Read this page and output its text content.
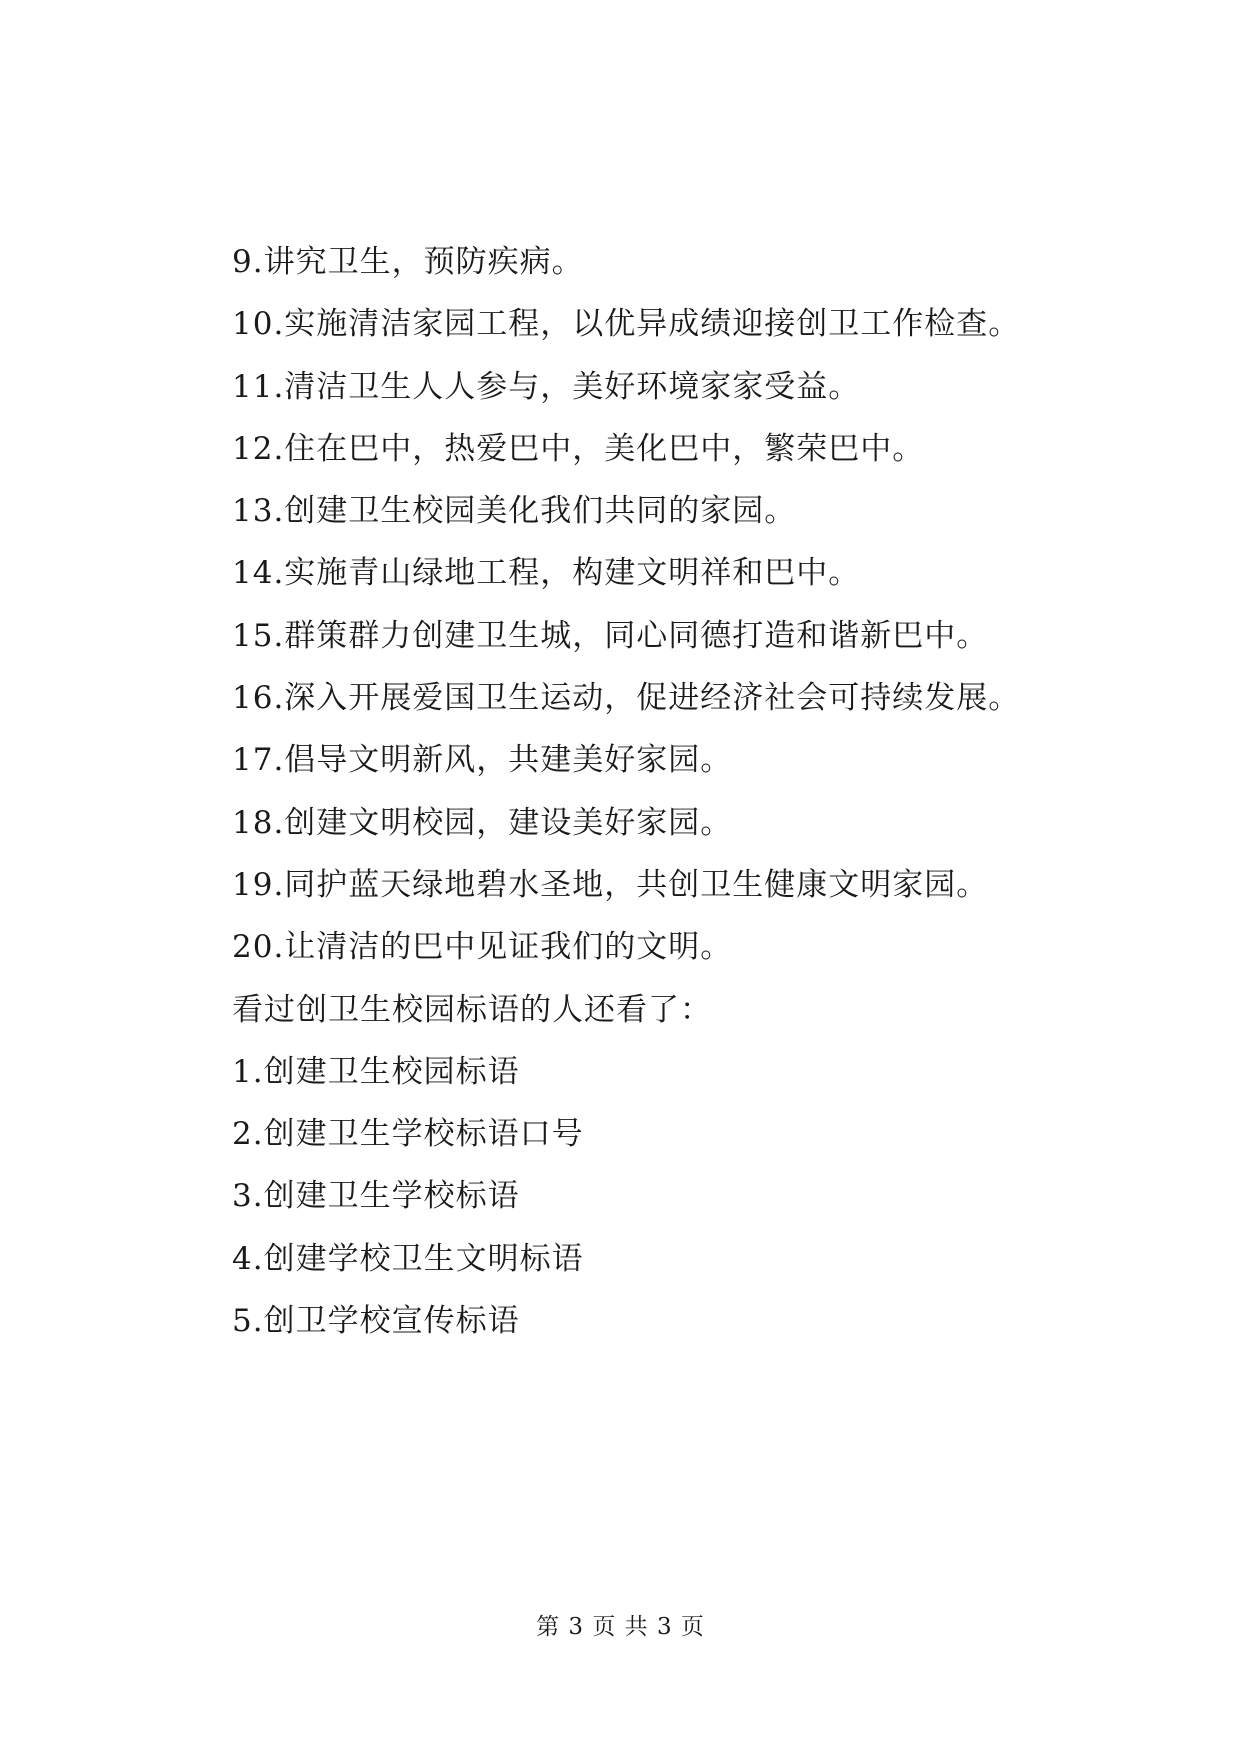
9.讲究卫生，预防疾病。
10.实施清洁家园工程，以优异成绩迎接创卫工作检查。
11.清洁卫生人人参与，美好环境家家受益。
12.住在巴中，热爱巴中，美化巴中，繁荣巴中。
13.创建卫生校园美化我们共同的家园。
14.实施青山绿地工程，构建文明祥和巴中。
15.群策群力创建卫生城，同心同德打造和谐新巴中。
16.深入开展爱国卫生运动，促进经济社会可持续发展。
17.倡导文明新风，共建美好家园。
18.创建文明校园，建设美好家园。
19.同护蓝天绿地碧水圣地，共创卫生健康文明家园。
20.让清洁的巴中见证我们的文明。
看过创卫生校园标语的人还看了：
1.创建卫生校园标语
2.创建卫生学校标语口号
3.创建卫生学校标语
4.创建学校卫生文明标语
5.创卫学校宣传标语
第 3 页 共 3 页
